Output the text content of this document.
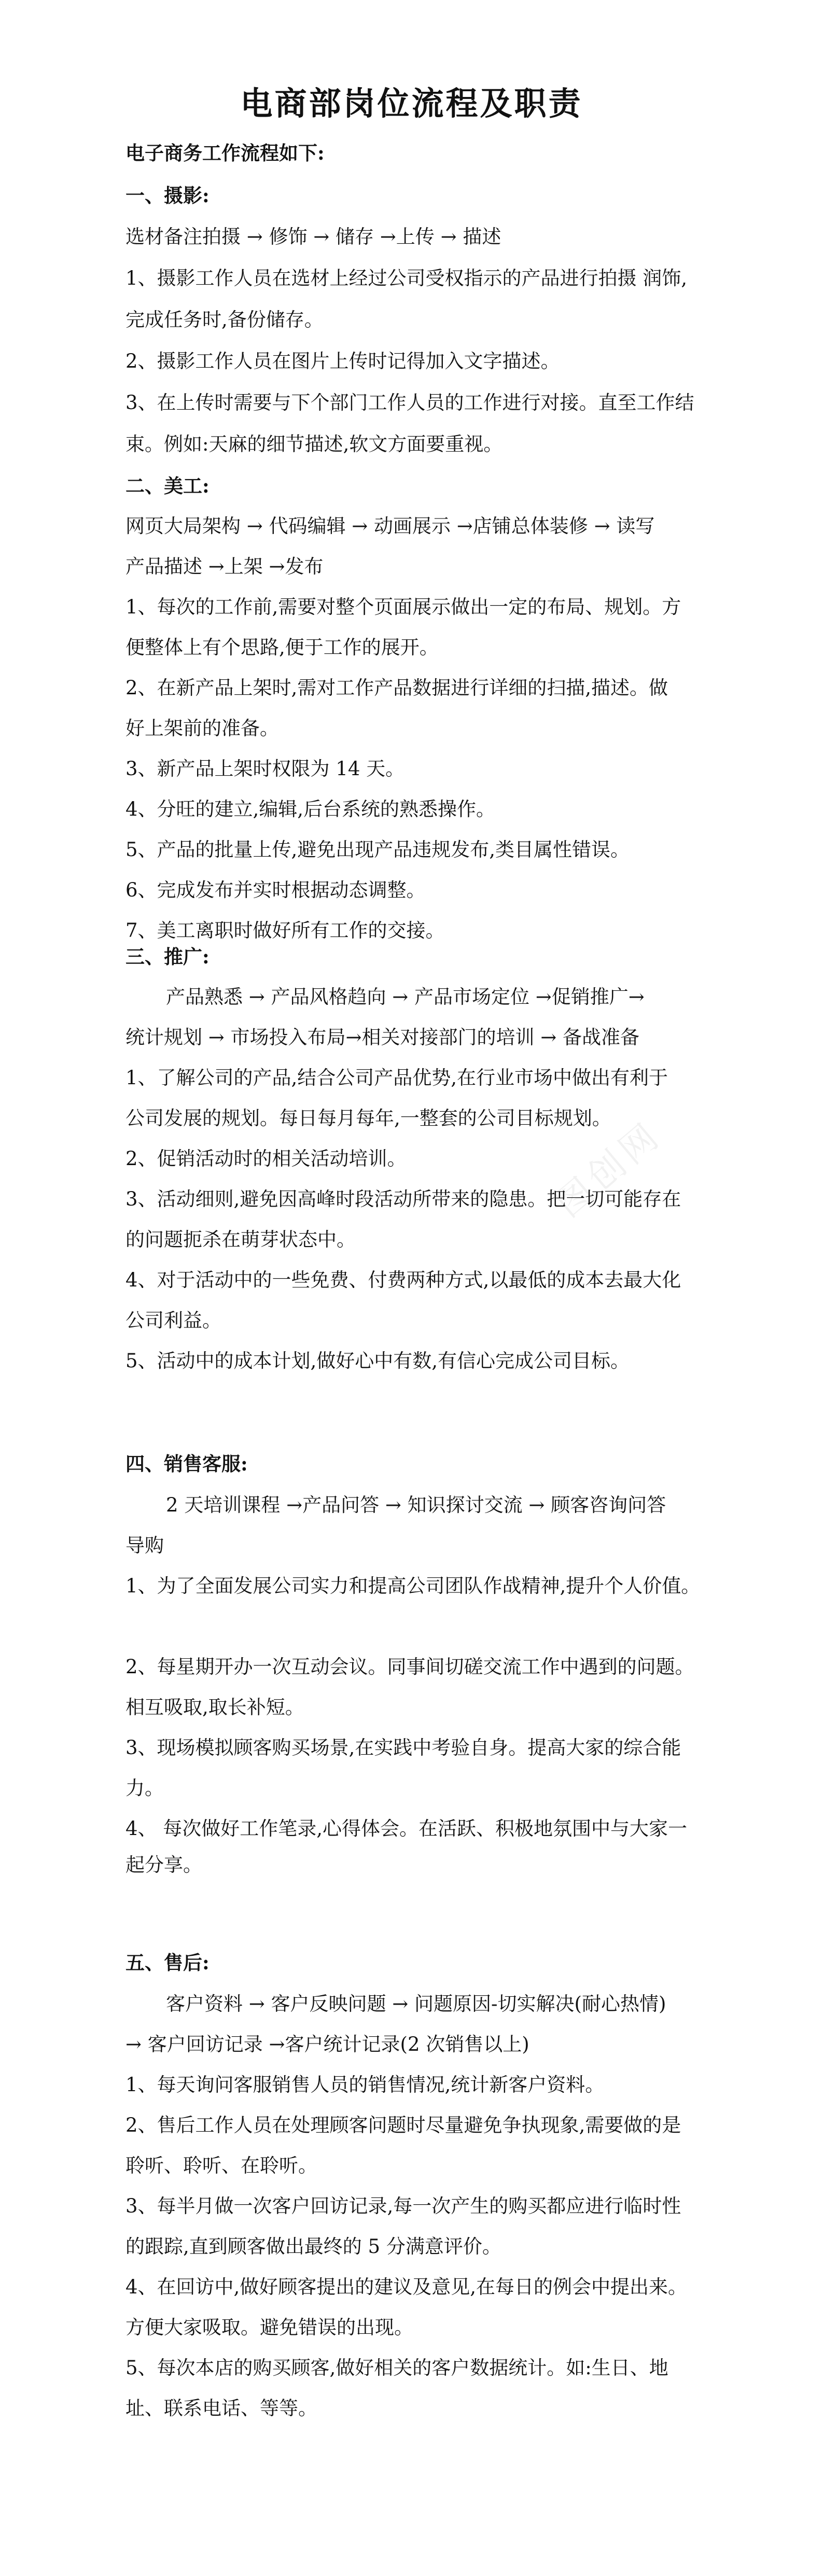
电商部岗位流程及职责
电子商务工作流程如下:
一、摄影:
选材备注拍摄 → 修饰 → 储存 →上传 → 描述
1、摄影工作人员在选材上经过公司受权指示的产品进行拍摄 润饰,
完成任务时,备份储存。
2、摄影工作人员在图片上传时记得加入文字描述。
3、在上传时需要与下个部门工作人员的工作进行对接。直至工作结
束。例如:天麻的细节描述,软文方面要重视。
二、美工:
网页大局架构 → 代码编辑 → 动画展示 →店铺总体装修 → 读写
产品描述 →上架 →发布
1、每次的工作前,需要对整个页面展示做出一定的布局、规划。方
便整体上有个思路,便于工作的展开。
2、在新产品上架时,需对工作产品数据进行详细的扫描,描述。做
好上架前的准备。
3、新产品上架时权限为 14 天。
4、分旺的建立,编辑,后台系统的熟悉操作。
5、产品的批量上传,避免出现产品违规发布,类目属性错误。
6、完成发布并实时根据动态调整。
7、美工离职时做好所有工作的交接。
三、推广:
产品熟悉 → 产品风格趋向 → 产品市场定位 →促销推广→
统计规划 → 市场投入布局→相关对接部门的培训 → 备战准备
1、了解公司的产品,结合公司产品优势,在行业市场中做出有利于
公司发展的规划。每日每月每年,一整套的公司目标规划。
2、促销活动时的相关活动培训。
3、活动细则,避免因高峰时段活动所带来的隐患。把一切可能存在
的问题扼杀在萌芽状态中。
4、对于活动中的一些免费、付费两种方式,以最低的成本去最大化
公司利益。
5、活动中的成本计划,做好心中有数,有信心完成公司目标。
四、销售客服:
2 天培训课程 →产品问答 → 知识探讨交流 → 顾客咨询问答
导购
1、为了全面发展公司实力和提高公司团队作战精神,提升个人价值。
2、每星期开办一次互动会议。同事间切磋交流工作中遇到的问题。
相互吸取,取长补短。
3、现场模拟顾客购买场景,在实践中考验自身。提高大家的综合能
力。
4、 每次做好工作笔录,心得体会。在活跃、积极地氛围中与大家一
起分享。
五、售后:
客户资料 → 客户反映问题 → 问题原因-切实解决(耐心热情)
→ 客户回访记录 →客户统计记录(2 次销售以上)
1、每天询问客服销售人员的销售情况,统计新客户资料。
2、售后工作人员在处理顾客问题时尽量避免争执现象,需要做的是
聆听、聆听、在聆听。
3、每半月做一次客户回访记录,每一次产生的购买都应进行临时性
的跟踪,直到顾客做出最终的 5 分满意评价。
4、在回访中,做好顾客提出的建议及意见,在每日的例会中提出来。
方便大家吸取。避免错误的出现。
5、每次本店的购买顾客,做好相关的客户数据统计。如:生日、地
址、联系电话、等等。
图创网
